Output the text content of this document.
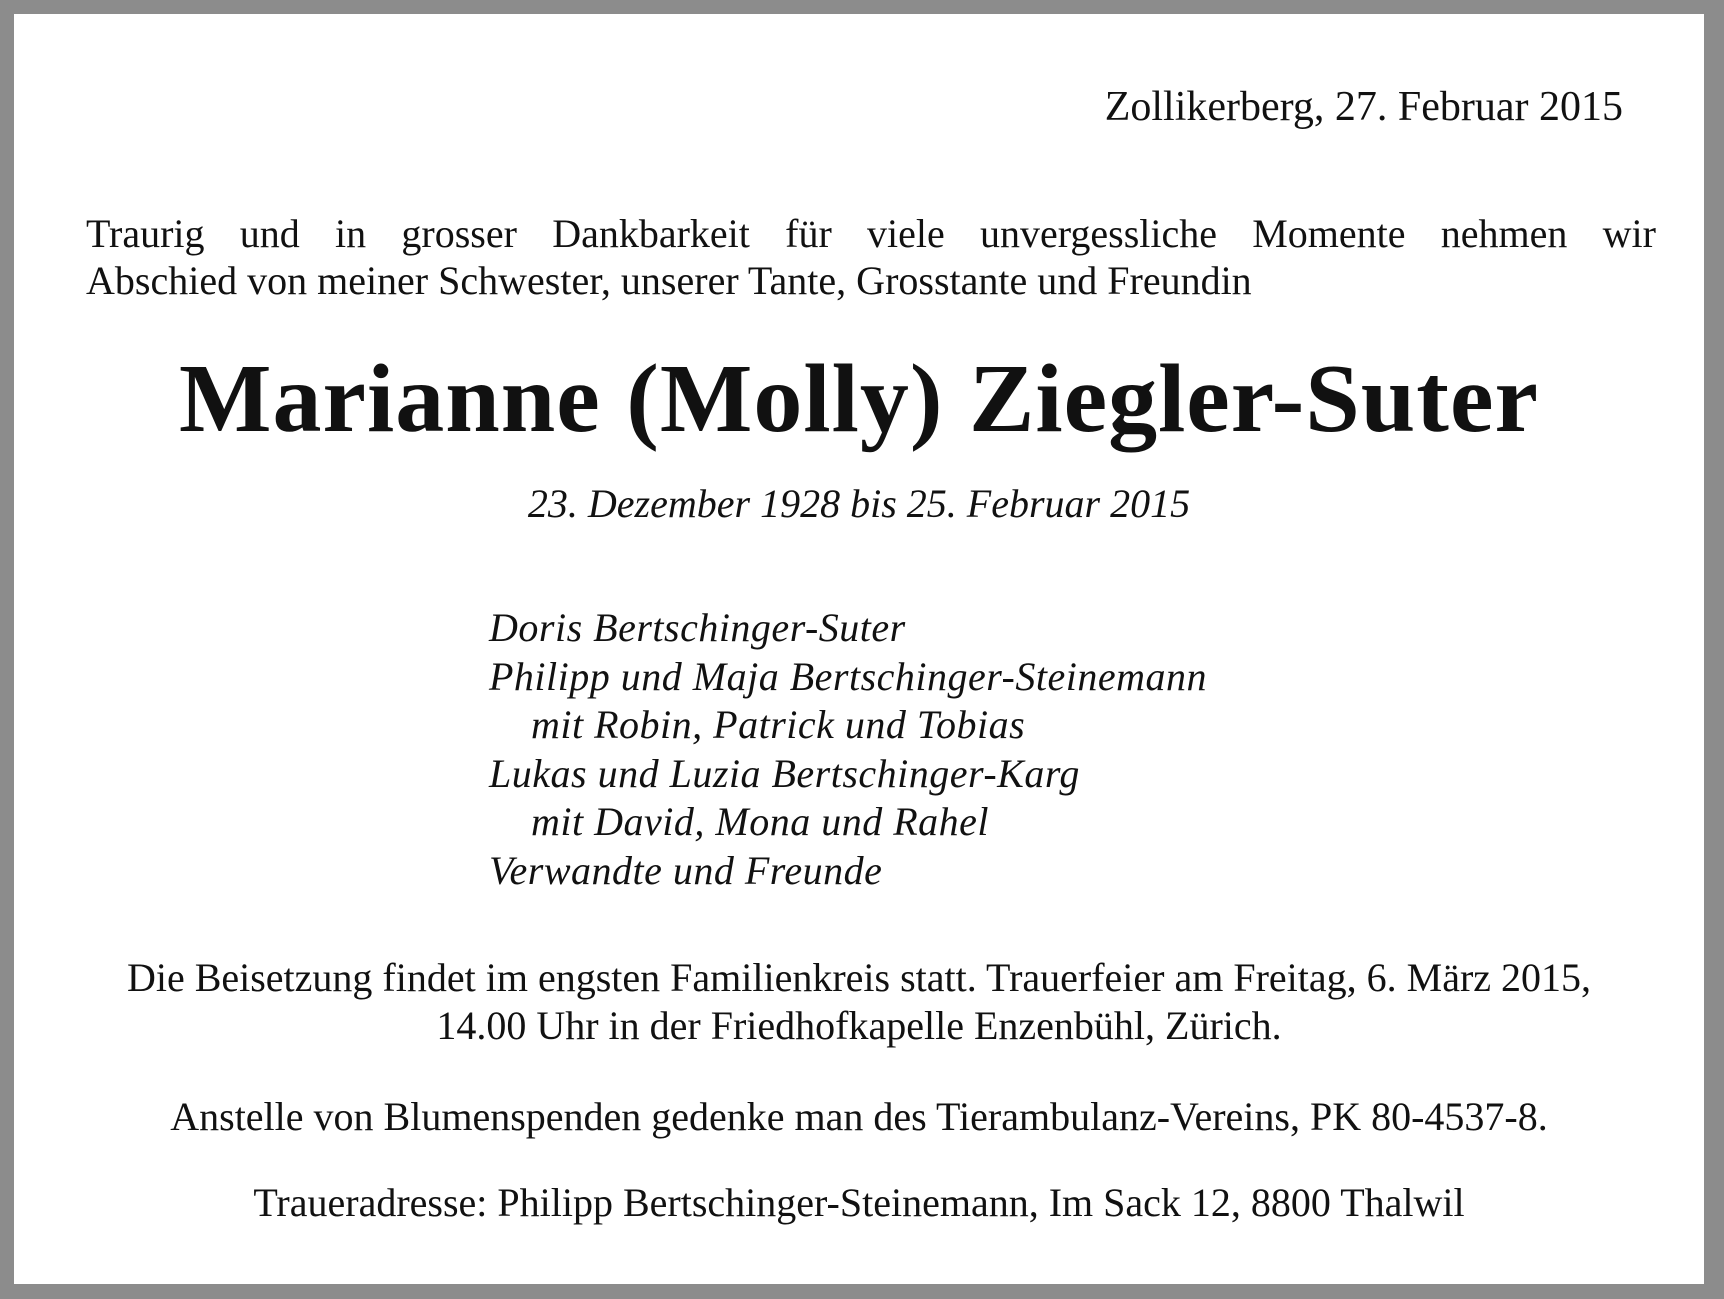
Zollikerberg, 27. Februar 2015
Traurig und in grosser Dankbarkeit für viele unvergessliche Momente nehmen wir
Abschied von meiner Schwester, unserer Tante, Grosstante und Freundin
Marianne (Molly) Ziegler-Suter
23. Dezember 1928 bis 25. Februar 2015
Doris Bertschinger-Suter
Philipp und Maja Bertschinger-Steinemann
mit Robin, Patrick und Tobias
Lukas und Luzia Bertschinger-Karg
mit David, Mona und Rahel
Verwandte und Freunde
Die Beisetzung findet im engsten Familienkreis statt. Trauerfeier am Freitag, 6. März 2015,
14.00 Uhr in der Friedhofkapelle Enzenbühl, Zürich.
Anstelle von Blumenspenden gedenke man des Tierambulanz-Vereins, PK 80-4537-8.
Traueradresse: Philipp Bertschinger-Steinemann, Im Sack 12, 8800 Thalwil
